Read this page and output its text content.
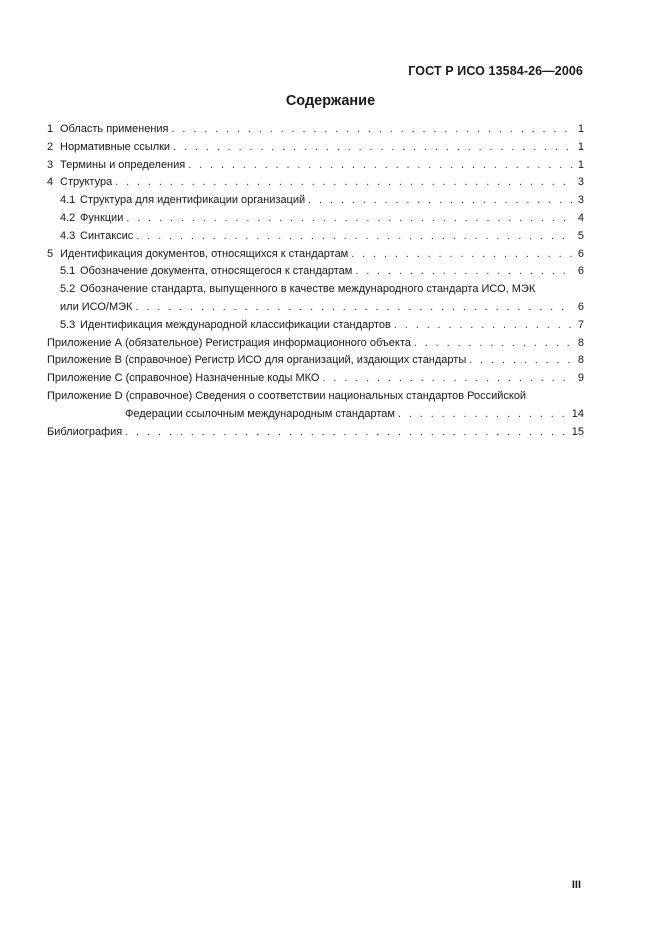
ГОСТ Р ИСО 13584-26—2006
Содержание
1 Область применения . . .	1
2 Нормативные ссылки . . .	1
3 Термины и определения . . .	1
4 Структура . . .	3
4.1 Структура для идентификации организаций . . .	3
4.2 Функции . . .	4
4.3 Синтаксис . . .	5
5 Идентификация документов, относящихся к стандартам . . .	6
5.1 Обозначение документа, относящегося к стандартам . . .	6
5.2 Обозначение стандарта, выпущенного в качестве международного стандарта ИСО, МЭК
или ИСО/МЭК . . .	6
5.3 Идентификация международной классификации стандартов . . .	7
Приложение А (обязательное) Регистрация информационного объекта . . .	8
Приложение В (справочное) Регистр ИСО для организаций, издающих стандарты . . .	8
Приложение С (справочное) Назначенные коды МКО . . .	9
Приложение D (справочное) Сведения о соответствии национальных стандартов Российской
Федерации ссылочным международным стандартам . . .	14
Библиография . . .	15
III
